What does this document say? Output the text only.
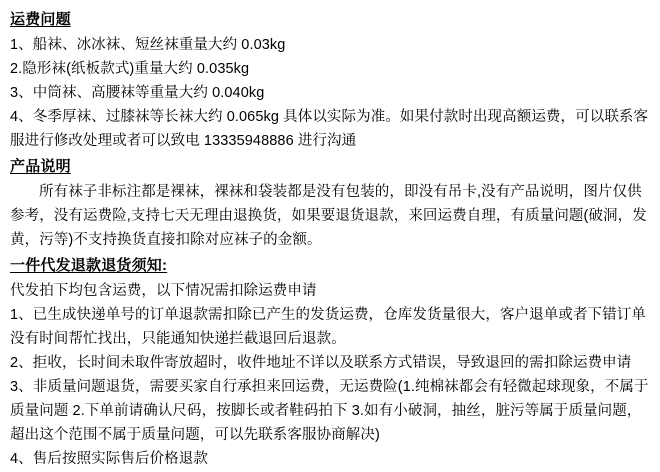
运费问题

1、船袜、冰冰袜、短丝袜重量大约 0.03kg

2.隐形袜(纸板款式)重量大约 0.035kg

3、中筒袜、高腰袜等重量大约 0.040kg

4、冬季厚袜、过膝袜等长袜大约 0.065kg 具体以实际为准。如果付款时出现高额运费，可以联系客服进行修改处理或者可以致电 13335948886 进行沟通

产品说明

所有袜子非标注都是裸袜，裸袜和袋装都是没有包装的，即没有吊卡,没有产品说明，图片仅供参考，没有运费险,支持七天无理由退换货，如果要退货退款，来回运费自理，有质量问题(破洞，发黄，污等)不支持换货直接扣除对应袜子的金额。

一件代发退款退货须知:

代发拍下均包含运费，以下情况需扣除运费申请

1、已生成快递单号的订单退款需扣除已产生的发货运费，仓库发货量很大，客户退单或者下错订单没有时间帮忙找出，只能通知快递拦截退回后退款。

2、拒收，长时间未取件寄放超时，收件地址不详以及联系方式错误，导致退回的需扣除运费申请

3、非质量问题退货，需要买家自行承担来回运费，无运费险(1.纯棉袜都会有轻微起球现象，不属于质量问题 2.下单前请确认尺码，按脚长或者鞋码拍下 3.如有小破洞，抽丝，脏污等属于质量问题，超出这个范围不属于质量问题，可以先联系客服协商解决)

4、售后按照实际售后价格退款
